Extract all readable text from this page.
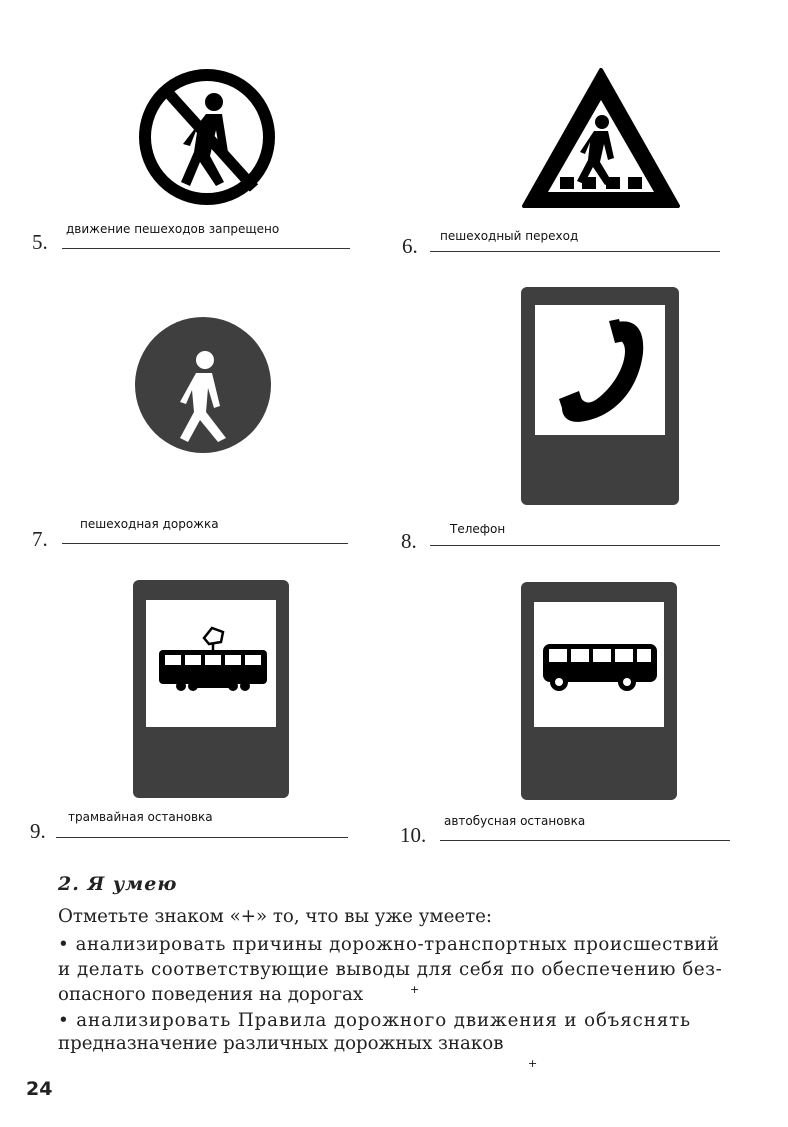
5.
движение пешеходов запрещено
6. пешеходный переход
7.
пешеходная дорожка
8.	Телефон
9.
трамвайная остановка
10.
автобусная остановка
2. Я умею
Отметьте знаком «+» то, что вы уже умеете:
• анализировать причины дорожно-транспортных происшествий
и делать соответствующие выводы для себя по обеспечению без-
опасного поведения на дорогах	+
• анализировать Правила дорожного движения и объяснять
предназначение различных дорожных знаков
+
24
